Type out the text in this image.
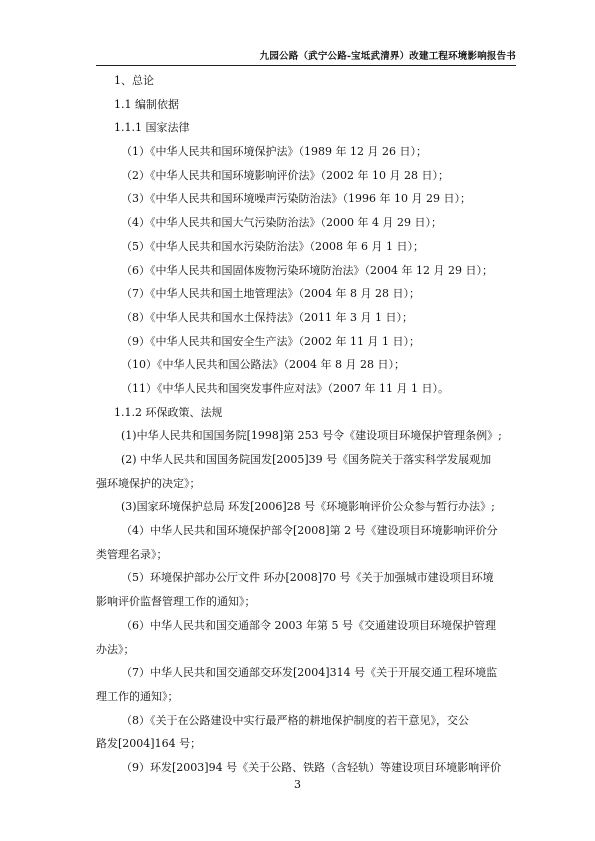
九园公路（武宁公路-宝坻武清界）改建工程环境影响报告书
1、总论
1.1 编制依据
1.1.1 国家法律
（1）《中华人民共和国环境保护法》（1989 年 12 月 26 日）；
（2）《中华人民共和国环境影响评价法》（2002 年 10 月 28 日）；
（3）《中华人民共和国环境噪声污染防治法》（1996 年 10 月 29 日）；
（4）《中华人民共和国大气污染防治法》（2000 年 4 月 29 日）；
（5）《中华人民共和国水污染防治法》（2008 年 6 月 1 日）；
（6）《中华人民共和国固体废物污染环境防治法》（2004 年 12 月 29 日）；
（7）《中华人民共和国土地管理法》（2004 年 8 月 28 日）；
（8）《中华人民共和国水土保持法》（2011 年 3 月 1 日）；
（9）《中华人民共和国安全生产法》（2002 年 11 月 1 日）；
（10）《中华人民共和国公路法》（2004 年 8 月 28 日）；
（11）《中华人民共和国突发事件应对法》（2007 年 11 月 1 日）。
1.1.2 环保政策、法规
(1)中华人民共和国国务院[1998]第 253 号令《建设项目环境保护管理条例》;
(2) 中华人民共和国国务院国发[2005]39 号《国务院关于落实科学发展观加
强环境保护的决定》；
(3)国家环境保护总局 环发[2006]28 号《环境影响评价公众参与暂行办法》;
（4）中华人民共和国环境保护部令[2008]第 2 号《建设项目环境影响评价分
类管理名录》；
（5）环境保护部办公厅文件 环办[2008]70 号《关于加强城市建设项目环境
影响评价监督管理工作的通知》；
（6）中华人民共和国交通部令 2003 年第 5 号《交通建设项目环境保护管理
办法》；
（7）中华人民共和国交通部交环发[2004]314 号《关于开展交通工程环境监
理工作的通知》；
（8）《关于在公路建设中实行最严格的耕地保护制度的若干意见》，交公
路发[2004]164 号；
（9）环发[2003]94 号《关于公路、铁路（含轻轨）等建设项目环境影响评价
3
